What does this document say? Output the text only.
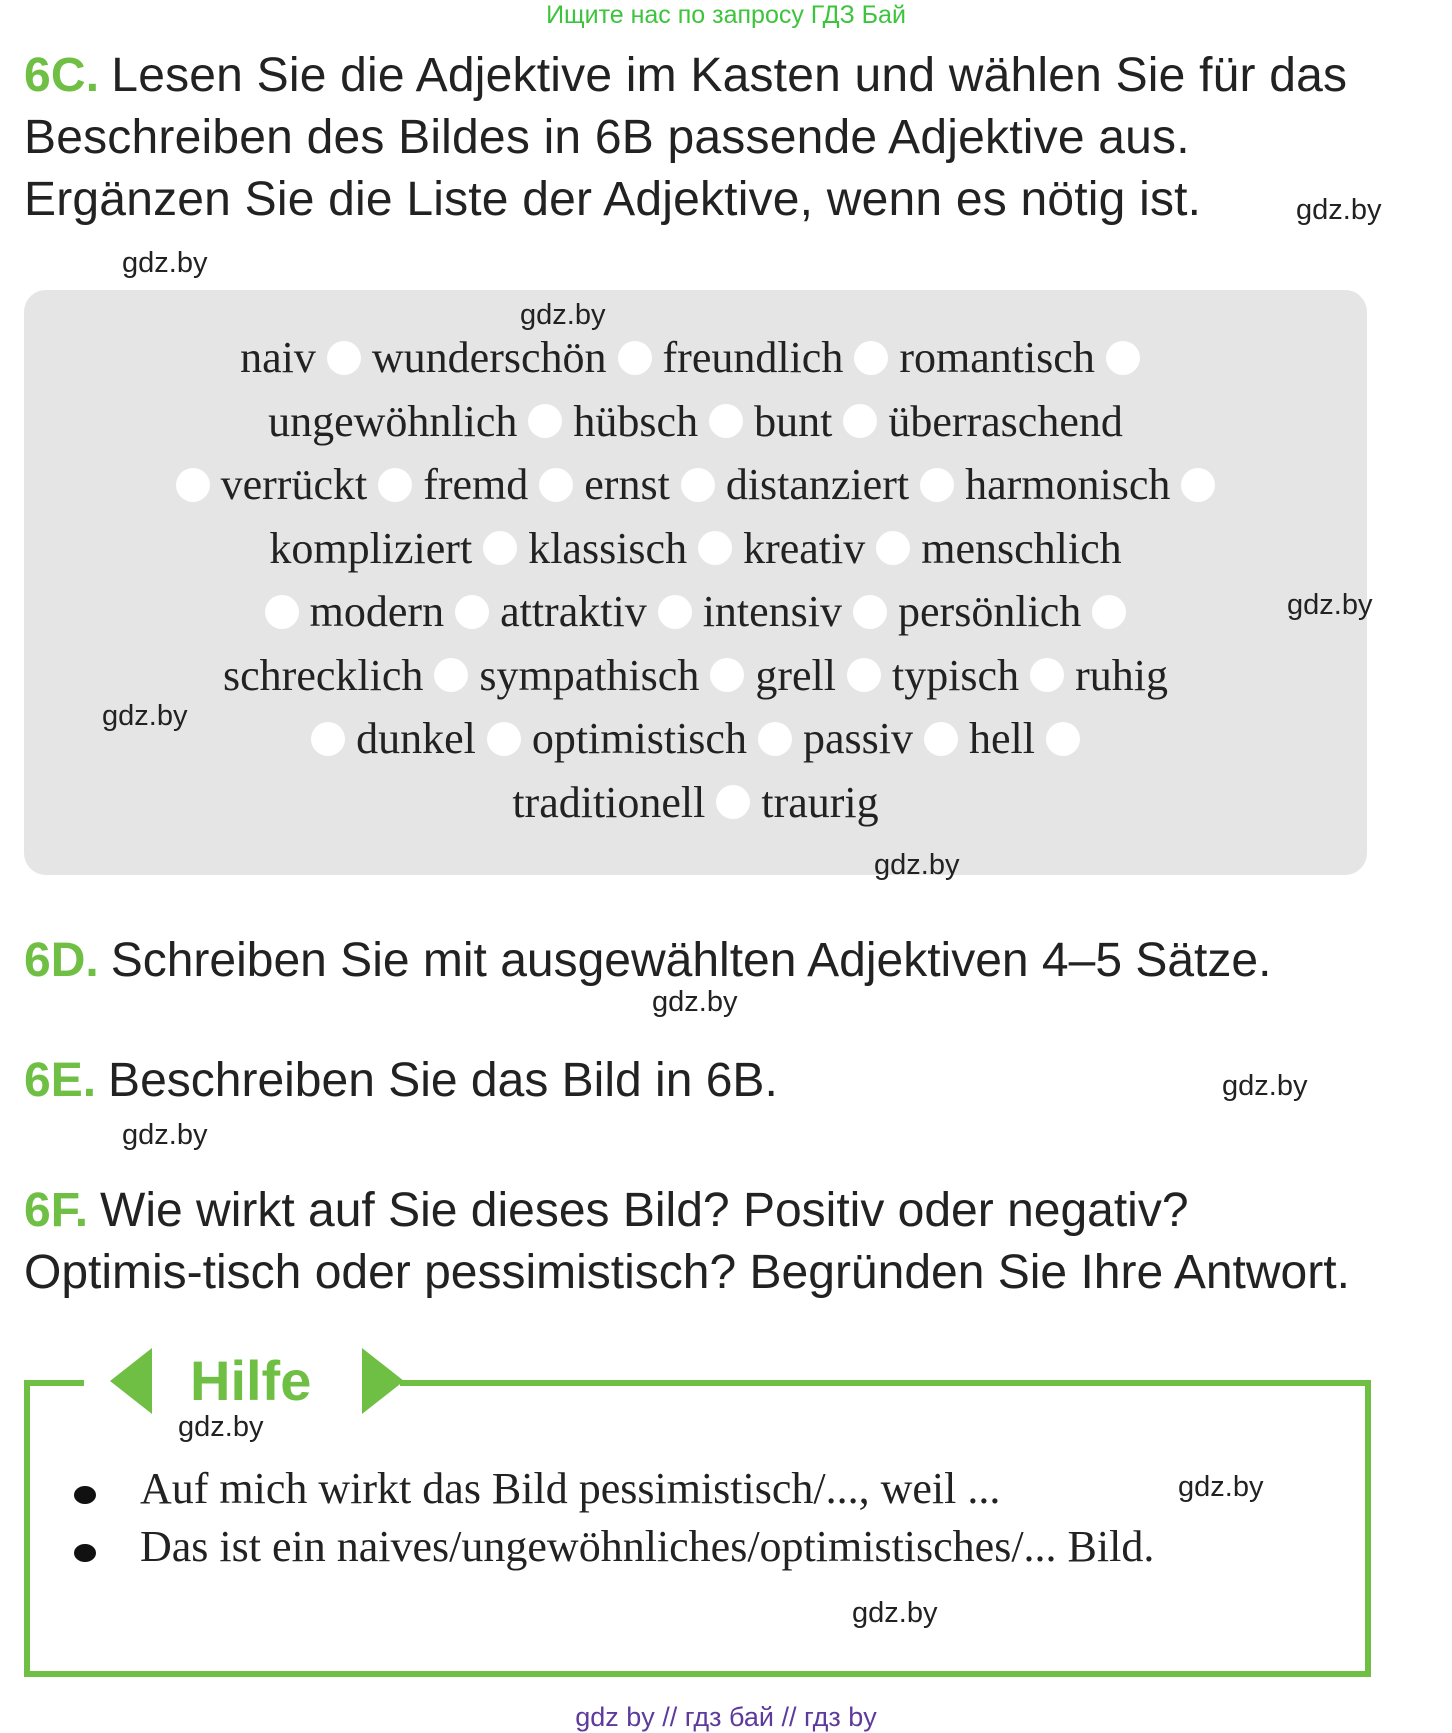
Ищите нас по запросу ГДЗ Бай
6C. Lesen Sie die Adjektive im Kasten und wählen Sie für das Beschreiben des Bildes in 6B passende Adjektive aus. Ergänzen Sie die Liste der Adjektive, wenn es nötig ist.
naiv wunderschön freundlich romantisch
ungewöhnlich hübsch bunt überraschend
verrückt fremd ernst distanziert harmonisch
kompliziert klassisch kreativ menschlich
modern attraktiv intensiv persönlich
schrecklich sympathisch grell typisch ruhig
dunkel optimistisch passiv hell
traditionell traurig
6D. Schreiben Sie mit ausgewählten Adjektiven 4–5 Sätze.
6E. Beschreiben Sie das Bild in 6B.
6F. Wie wirkt auf Sie dieses Bild? Positiv oder negativ? Optimis-tisch oder pessimistisch? Begründen Sie Ihre Antwort.
Hilfe
Auf mich wirkt das Bild pessimistisch/..., weil ...
Das ist ein naives/ungewöhnliches/optimistisches/... Bild.
gdz.by
gdz.by
gdz.by
gdz.by
gdz.by
gdz.by
gdz.by
gdz.by
gdz.by
gdz.by
gdz.by
gdz.by
gdz by // гдз бай // гдз by
